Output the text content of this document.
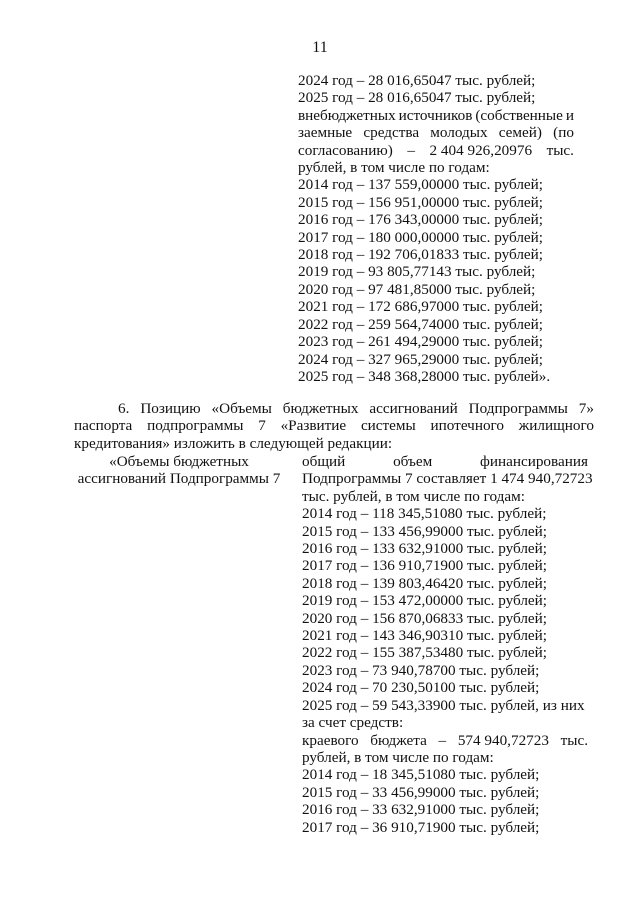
11
2024 год – 28 016,65047 тыс. рублей;
2025 год – 28 016,65047 тыс. рублей;
внебюджетных источников (собственные и
заемные средства молодых семей) (по
согласованию) – 2 404 926,20976 тыс.
рублей, в том числе по годам:
2014 год – 137 559,00000 тыс. рублей;
2015 год – 156 951,00000 тыс. рублей;
2016 год – 176 343,00000 тыс. рублей;
2017 год – 180 000,00000 тыс. рублей;
2018 год – 192 706,01833 тыс. рублей;
2019 год – 93 805,77143 тыс. рублей;
2020 год – 97 481,85000 тыс. рублей;
2021 год – 172 686,97000 тыс. рублей;
2022 год – 259 564,74000 тыс. рублей;
2023 год – 261 494,29000 тыс. рублей;
2024 год – 327 965,29000 тыс. рублей;
2025 год – 348 368,28000 тыс. рублей».
6. Позицию «Объемы бюджетных ассигнований Подпрограммы 7»
паспорта подпрограммы 7 «Развитие системы ипотечного жилищного
кредитования» изложить в следующей редакции:
«Объемы бюджетных
ассигнований Подпрограммы 7
общий	объем	финансирования
Подпрограммы 7 составляет 1 474 940,72723
тыс. рублей, в том числе по годам:
2014 год – 118 345,51080 тыс. рублей;
2015 год – 133 456,99000 тыс. рублей;
2016 год – 133 632,91000 тыс. рублей;
2017 год – 136 910,71900 тыс. рублей;
2018 год – 139 803,46420 тыс. рублей;
2019 год – 153 472,00000 тыс. рублей;
2020 год – 156 870,06833 тыс. рублей;
2021 год – 143 346,90310 тыс. рублей;
2022 год – 155 387,53480 тыс. рублей;
2023 год – 73 940,78700 тыс. рублей;
2024 год – 70 230,50100 тыс. рублей;
2025 год – 59 543,33900 тыс. рублей, из них
за счет средств:
краевого бюджета – 574 940,72723 тыс.
рублей, в том числе по годам:
2014 год – 18 345,51080 тыс. рублей;
2015 год – 33 456,99000 тыс. рублей;
2016 год – 33 632,91000 тыс. рублей;
2017 год – 36 910,71900 тыс. рублей;
